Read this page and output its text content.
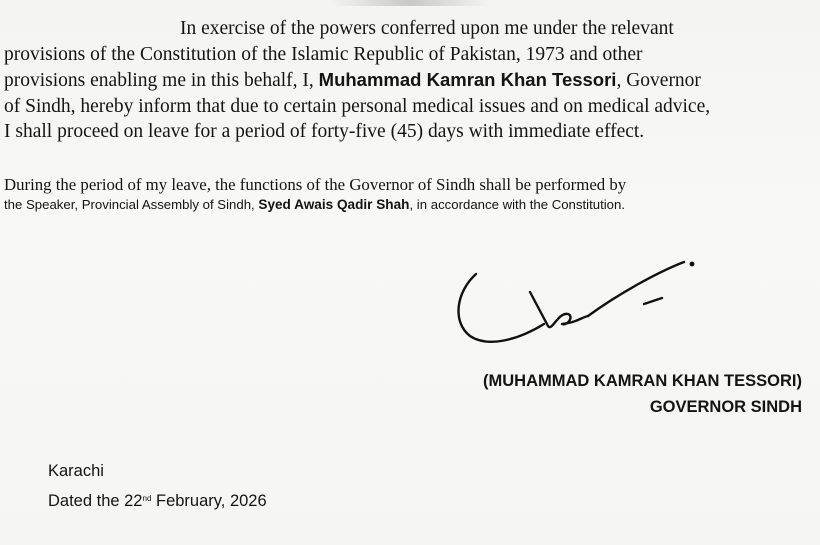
In exercise of the powers conferred upon me under the relevant
provisions of the Constitution of the Islamic Republic of Pakistan, 1973 and other
provisions enabling me in this behalf, I, Muhammad Kamran Khan Tessori, Governor
of Sindh, hereby inform that due to certain personal medical issues and on medical advice,
I shall proceed on leave for a period of forty-five (45) days with immediate effect.
During the period of my leave, the functions of the Governor of Sindh shall be performed by
the Speaker, Provincial Assembly of Sindh, Syed Awais Qadir Shah, in accordance with the Constitution.
(MUHAMMAD KAMRAN KHAN TESSORI)
GOVERNOR SINDH
Karachi
Dated the 22nd February, 2026
